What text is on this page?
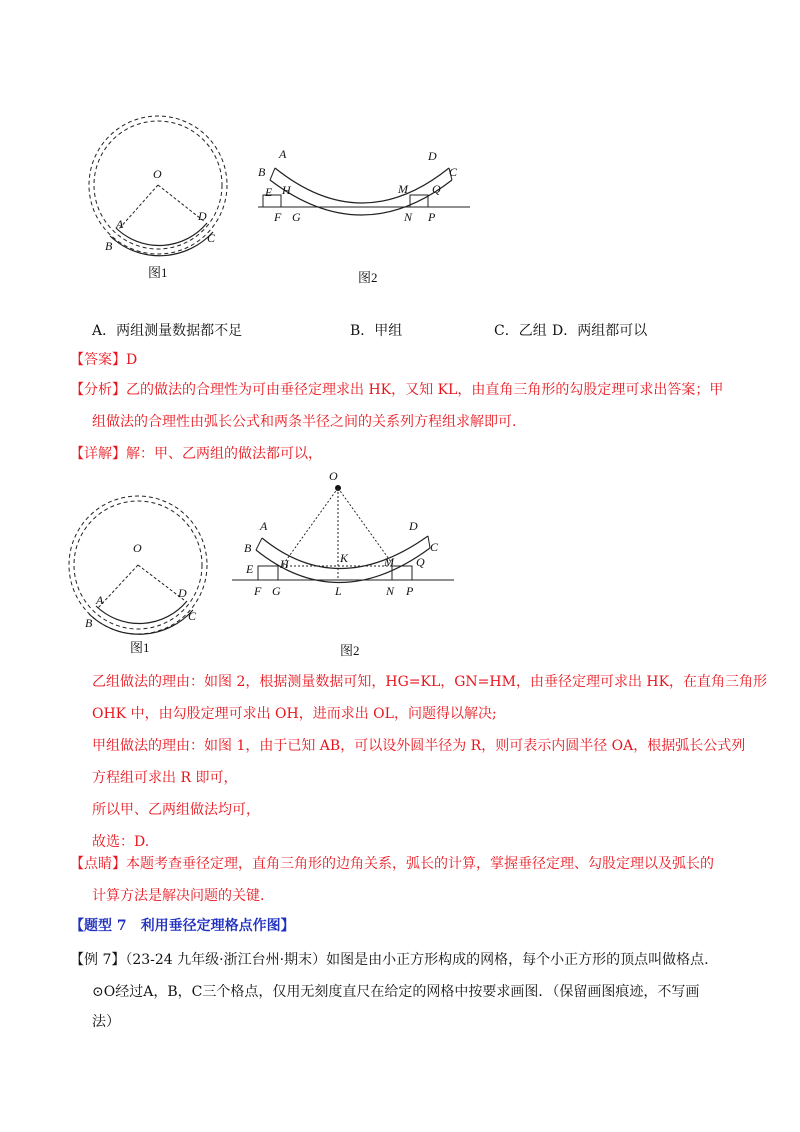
O
A
B
C
D
图1
A
B
E H
F G
D
C
M Q
N P
图2
A．两组测量数据都不足	B．甲组	C．乙组 D．两组都可以
【答案】D
【分析】乙的做法的合理性为可由垂径定理求出 HK，又知 KL，由直角三角形的勾股定理可求出答案；甲
组做法的合理性由弧长公式和两条半径之间的关系列方程组求解即可.
【详解】解：甲、乙两组的做法都可以，
O
A
B	C
D
图1
O
A
B
E H
F G
K
L
M
D
C
Q
N P
图2
乙组做法的理由：如图 2，根据测量数据可知，HG=KL，GN=HM，由垂径定理可求出 HK，在直角三角形
OHK 中，由勾股定理可求出 OH，进而求出 OL，问题得以解决;
甲组做法的理由：如图 1，由于已知 AB，可以设外圆半径为 R，则可表示内圆半径 OA，根据弧长公式列
方程组可求出 R 即可，
所以甲、乙两组做法均可，
故选：D.
【点睛】本题考查垂径定理，直角三角形的边角关系，弧长的计算，掌握垂径定理、勾股定理以及弧长的
计算方法是解决问题的关键.
【题型 7　利用垂径定理格点作图】
【例 7】（23-24 九年级·浙江台州·期末）如图是由小正方形构成的网格，每个小正方形的顶点叫做格点.
⊙O经过A，B，C三个格点，仅用无刻度直尺在给定的网格中按要求画图．（保留画图痕迹，不写画
法）
